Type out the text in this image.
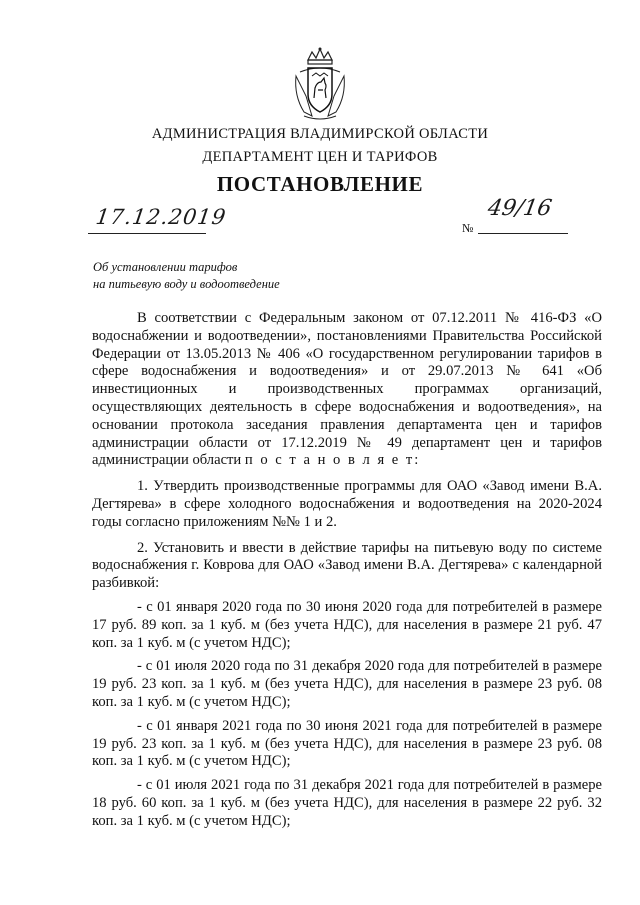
АДМИНИСТРАЦИЯ ВЛАДИМИРСКОЙ ОБЛАСТИ
ДЕПАРТАМЕНТ ЦЕН И ТАРИФОВ
ПОСТАНОВЛЕНИЕ
17.12.2019	№
49/16
Об установлении тарифов
на питьевую воду и водоотведение

В соответствии с Федеральным законом от 07.12.2011 № 416-ФЗ «О водоснабжении и водоотведении», постановлениями Правительства Российской Федерации от 13.05.2013 № 406 «О государственном регулировании тарифов в сфере водоснабжения и водоотведения» и от 29.07.2013 № 641 «Об инвестиционных и производственных программах организаций, осуществляющих деятельность в сфере водоснабжения и водоотведения», на основании протокола заседания правления департамента цен и тарифов администрации области от 17.12.2019 № 49 департамент цен и тарифов администрации области п о с т а н о в л я е т:

1. Утвердить производственные программы для ОАО «Завод имени В.А. Дегтярева» в сфере холодного водоснабжения и водоотведения на 2020-2024 годы согласно приложениям №№ 1 и 2.

2. Установить и ввести в действие тарифы на питьевую воду по системе водоснабжения г. Коврова для ОАО «Завод имени В.А. Дегтярева» с календарной разбивкой:

- с 01 января 2020 года по 30 июня 2020 года для потребителей в размере 17 руб. 89 коп. за 1 куб. м (без учета НДС), для населения в размере 21 руб. 47 коп. за 1 куб. м (с учетом НДС);

- с 01 июля 2020 года по 31 декабря 2020 года для потребителей в размере 19 руб. 23 коп. за 1 куб. м (без учета НДС), для населения в размере 23 руб. 08 коп. за 1 куб. м (с учетом НДС);

- с 01 января 2021 года по 30 июня 2021 года для потребителей в размере 19 руб. 23 коп. за 1 куб. м (без учета НДС), для населения в размере 23 руб. 08 коп. за 1 куб. м (с учетом НДС);

- с 01 июля 2021 года по 31 декабря 2021 года для потребителей в размере 18 руб. 60 коп. за 1 куб. м (без учета НДС), для населения в размере 22 руб. 32 коп. за 1 куб. м (с учетом НДС);
